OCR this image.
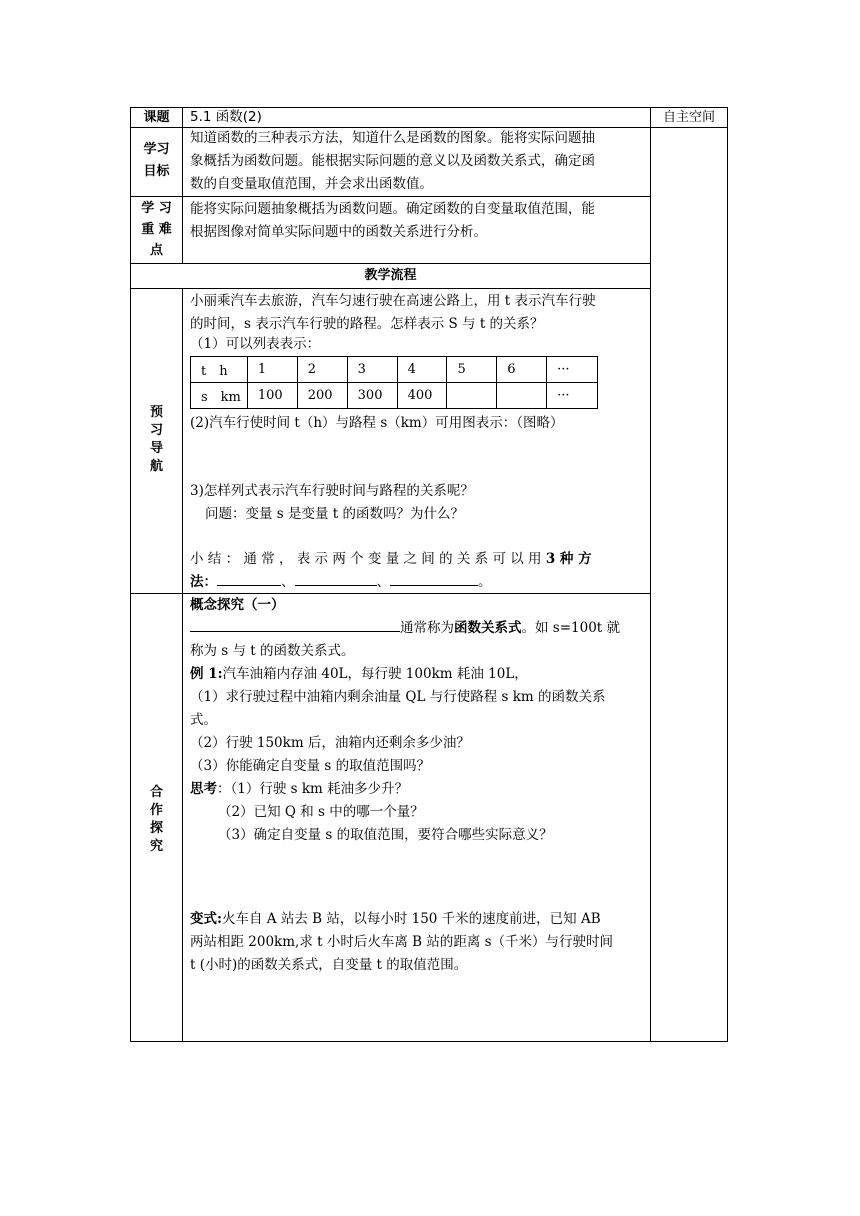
课题	5.1 函数(2)	自主空间
学习
目标
知道函数的三种表示方法，知道什么是函数的图象。能将实际问题抽
象概括为函数问题。能根据实际问题的意义以及函数关系式，确定函
数的自变量取值范围，并会求出函数值。
学 习
重 难
点
能将实际问题抽象概括为函数问题。确定函数的自变量取值范围，能
根据图像对简单实际问题中的函数关系进行分析。
教学流程
预
习
导
航
小丽乘汽车去旅游，汽车匀速行驶在高速公路上，用 t 表示汽车行驶
的时间，s 表示汽车行驶的路程。怎样表示 S 与 t 的关系？
（1）可以列表表示：
t　h	1	2	3	4	5	6	···
s　km	100	200	300	400			···
(2)汽车行使时间 t（h）与路程 s（km）可用图表示：（图略）
3)怎样列式表示汽车行驶时间与路程的关系呢？
问题：变量 s 是变量 t 的函数吗？为什么？
小 结 ： 通 常 ， 表 示 两 个 变 量 之 间 的 关 系 可 以 用 3 种 方
法：	、	、	。
合
作
探
究
概念探究（一）
通常称为函数关系式。如 s=100t 就
称为 s 与 t 的函数关系式。
例 1:汽车油箱内存油 40L，每行驶 100km 耗油 10L，
（1）求行驶过程中油箱内剩余油量 QL 与行使路程 s km 的函数关系
式。
（2）行驶 150km 后，油箱内还剩余多少油？
（3）你能确定自变量 s 的取值范围吗？
思考：（1）行驶 s km 耗油多少升？
（2）已知 Q 和 s 中的哪一个量？
（3）确定自变量 s 的取值范围，要符合哪些实际意义？
变式:火车自 A 站去 B 站，以每小时 150 千米的速度前进，已知 AB
两站相距 200km,求 t 小时后火车离 B 站的距离 s（千米）与行驶时间
t (小时)的函数关系式，自变量 t 的取值范围。
